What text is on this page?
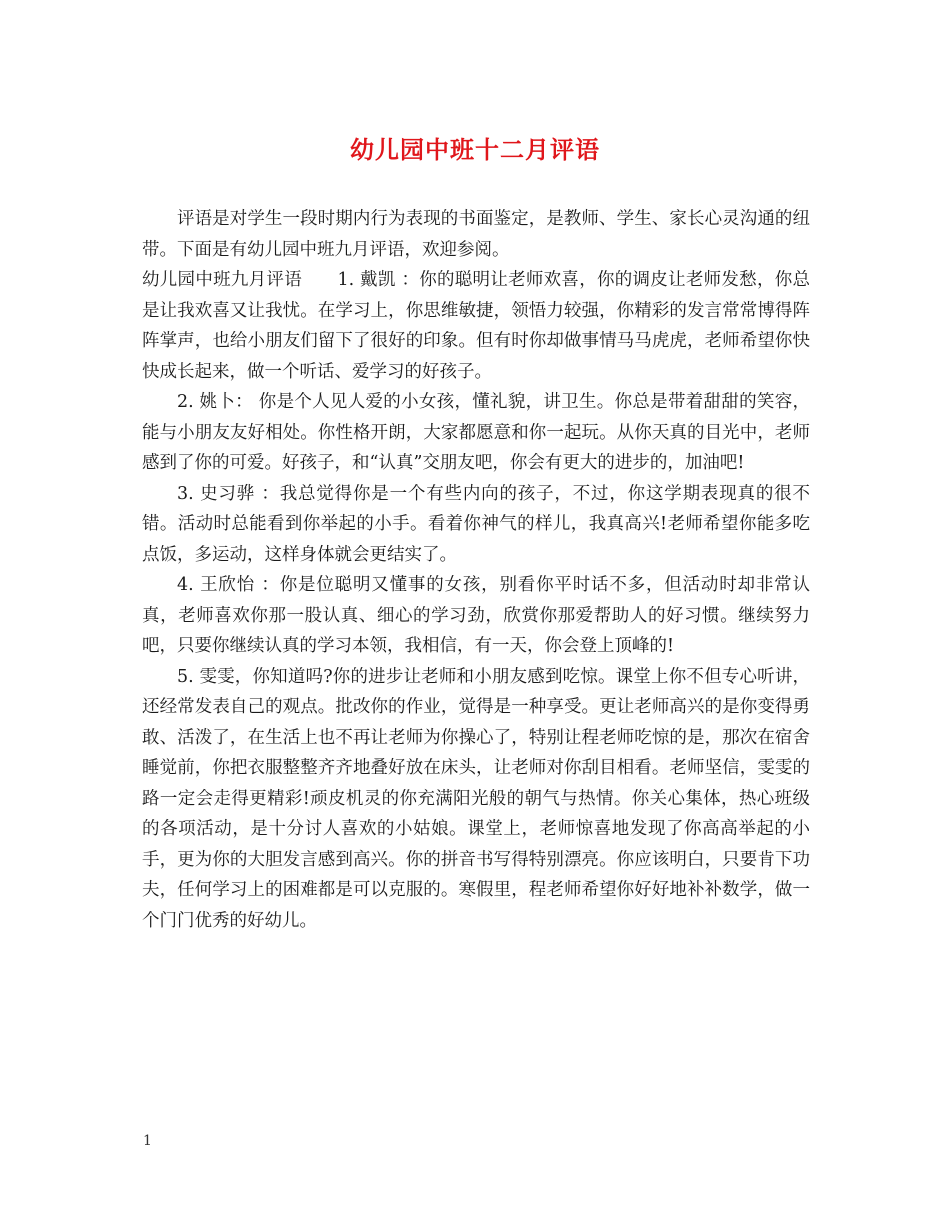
幼儿园中班十二月评语

评语是对学生一段时期内行为表现的书面鉴定，是教师、学生、家长心灵沟通的纽带。下面是有幼儿园中班九月评语，欢迎参阅。

幼儿园中班九月评语　　1. 戴凯 ：你的聪明让老师欢喜，你的调皮让老师发愁，你总是让我欢喜又让我忧。在学习上，你思维敏捷，领悟力较强，你精彩的发言常常博得阵阵掌声，也给小朋友们留下了很好的印象。但有时你却做事情马马虎虎，老师希望你快快成长起来，做一个听话、爱学习的好孩子。

2. 姚卜： 你是个人见人爱的小女孩，懂礼貌，讲卫生。你总是带着甜甜的笑容，能与小朋友友好相处。你性格开朗，大家都愿意和你一起玩。从你天真的目光中，老师感到了你的可爱。好孩子，和“认真”交朋友吧，你会有更大的进步的，加油吧!

3. 史习骅 ：我总觉得你是一个有些内向的孩子，不过，你这学期表现真的很不错。活动时总能看到你举起的小手。看着你神气的样儿，我真高兴!老师希望你能多吃点饭，多运动，这样身体就会更结实了。

4. 王欣怡 ：你是位聪明又懂事的女孩，别看你平时话不多，但活动时却非常认真，老师喜欢你那一股认真、细心的学习劲，欣赏你那爱帮助人的好习惯。继续努力吧，只要你继续认真的学习本领，我相信，有一天，你会登上顶峰的!

5. 雯雯，你知道吗?你的进步让老师和小朋友感到吃惊。课堂上你不但专心听讲，还经常发表自己的观点。批改你的作业，觉得是一种享受。更让老师高兴的是你变得勇敢、活泼了，在生活上也不再让老师为你操心了，特别让程老师吃惊的是，那次在宿舍睡觉前，你把衣服整整齐齐地叠好放在床头，让老师对你刮目相看。老师坚信，雯雯的路一定会走得更精彩!顽皮机灵的你充满阳光般的朝气与热情。你关心集体，热心班级的各项活动，是十分讨人喜欢的小姑娘。课堂上，老师惊喜地发现了你高高举起的小手，更为你的大胆发言感到高兴。你的拼音书写得特别漂亮。你应该明白，只要肯下功夫，任何学习上的困难都是可以克服的。寒假里，程老师希望你好好地补补数学，做一个门门优秀的好幼儿。

1
